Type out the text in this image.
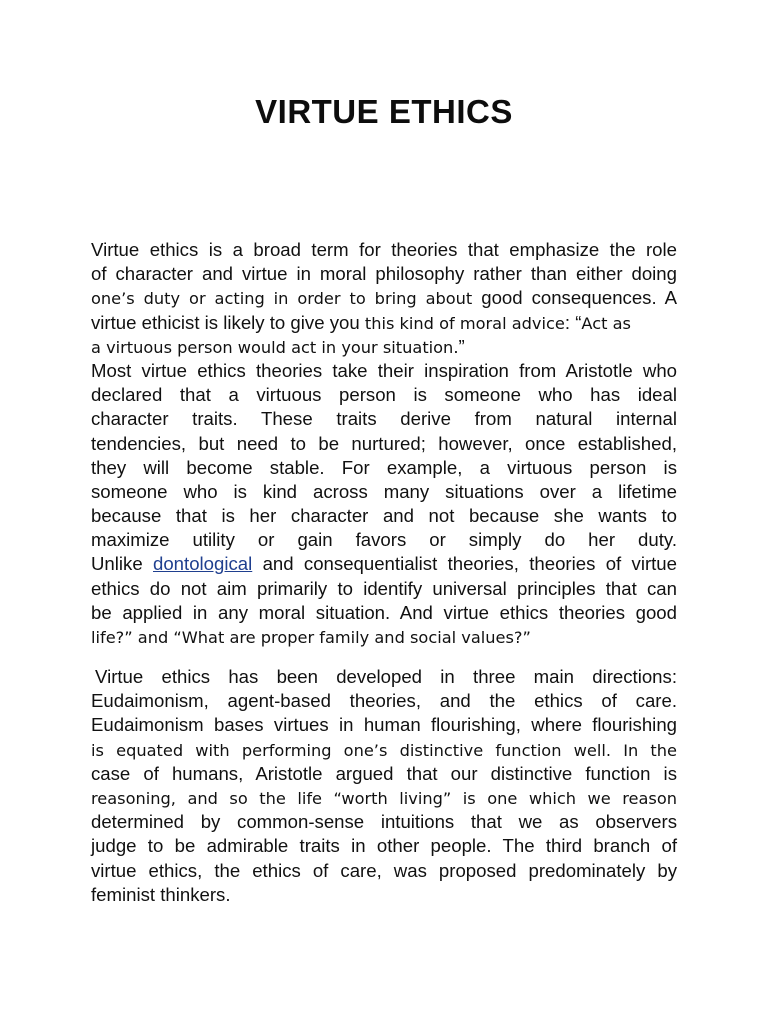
VIRTUE ETHICS
Virtue ethics is a broad term for theories that emphasize the role
of character and virtue in moral philosophy rather than either doing
one’s duty or acting in order to bring about good consequences. A
virtue ethicist is likely to give you this kind of moral advice: “Act as
a virtuous person would act in your situation.”
Most virtue ethics theories take their inspiration from Aristotle who
declared that a virtuous person is someone who has ideal
character traits. These traits derive from natural internal
tendencies, but need to be nurtured; however, once established,
they will become stable. For example, a virtuous person is
someone who is kind across many situations over a lifetime
because that is her character and not because she wants to
maximize utility or gain favors or simply do her duty.
Unlike dontological and consequentialist theories, theories of virtue
ethics do not aim primarily to identify universal principles that can
be applied in any moral situation. And virtue ethics theories good
life?” and “What are proper family and social values?”
Virtue ethics has been developed in three main directions:
Eudaimonism, agent-based theories, and the ethics of care.
Eudaimonism bases virtues in human flourishing, where flourishing
is equated with performing one’s distinctive function well. In the
case of humans, Aristotle argued that our distinctive function is
reasoning, and so the life “worth living” is one which we reason
determined by common-sense intuitions that we as observers
judge to be admirable traits in other people. The third branch of
virtue ethics, the ethics of care, was proposed predominately by
feminist thinkers.
